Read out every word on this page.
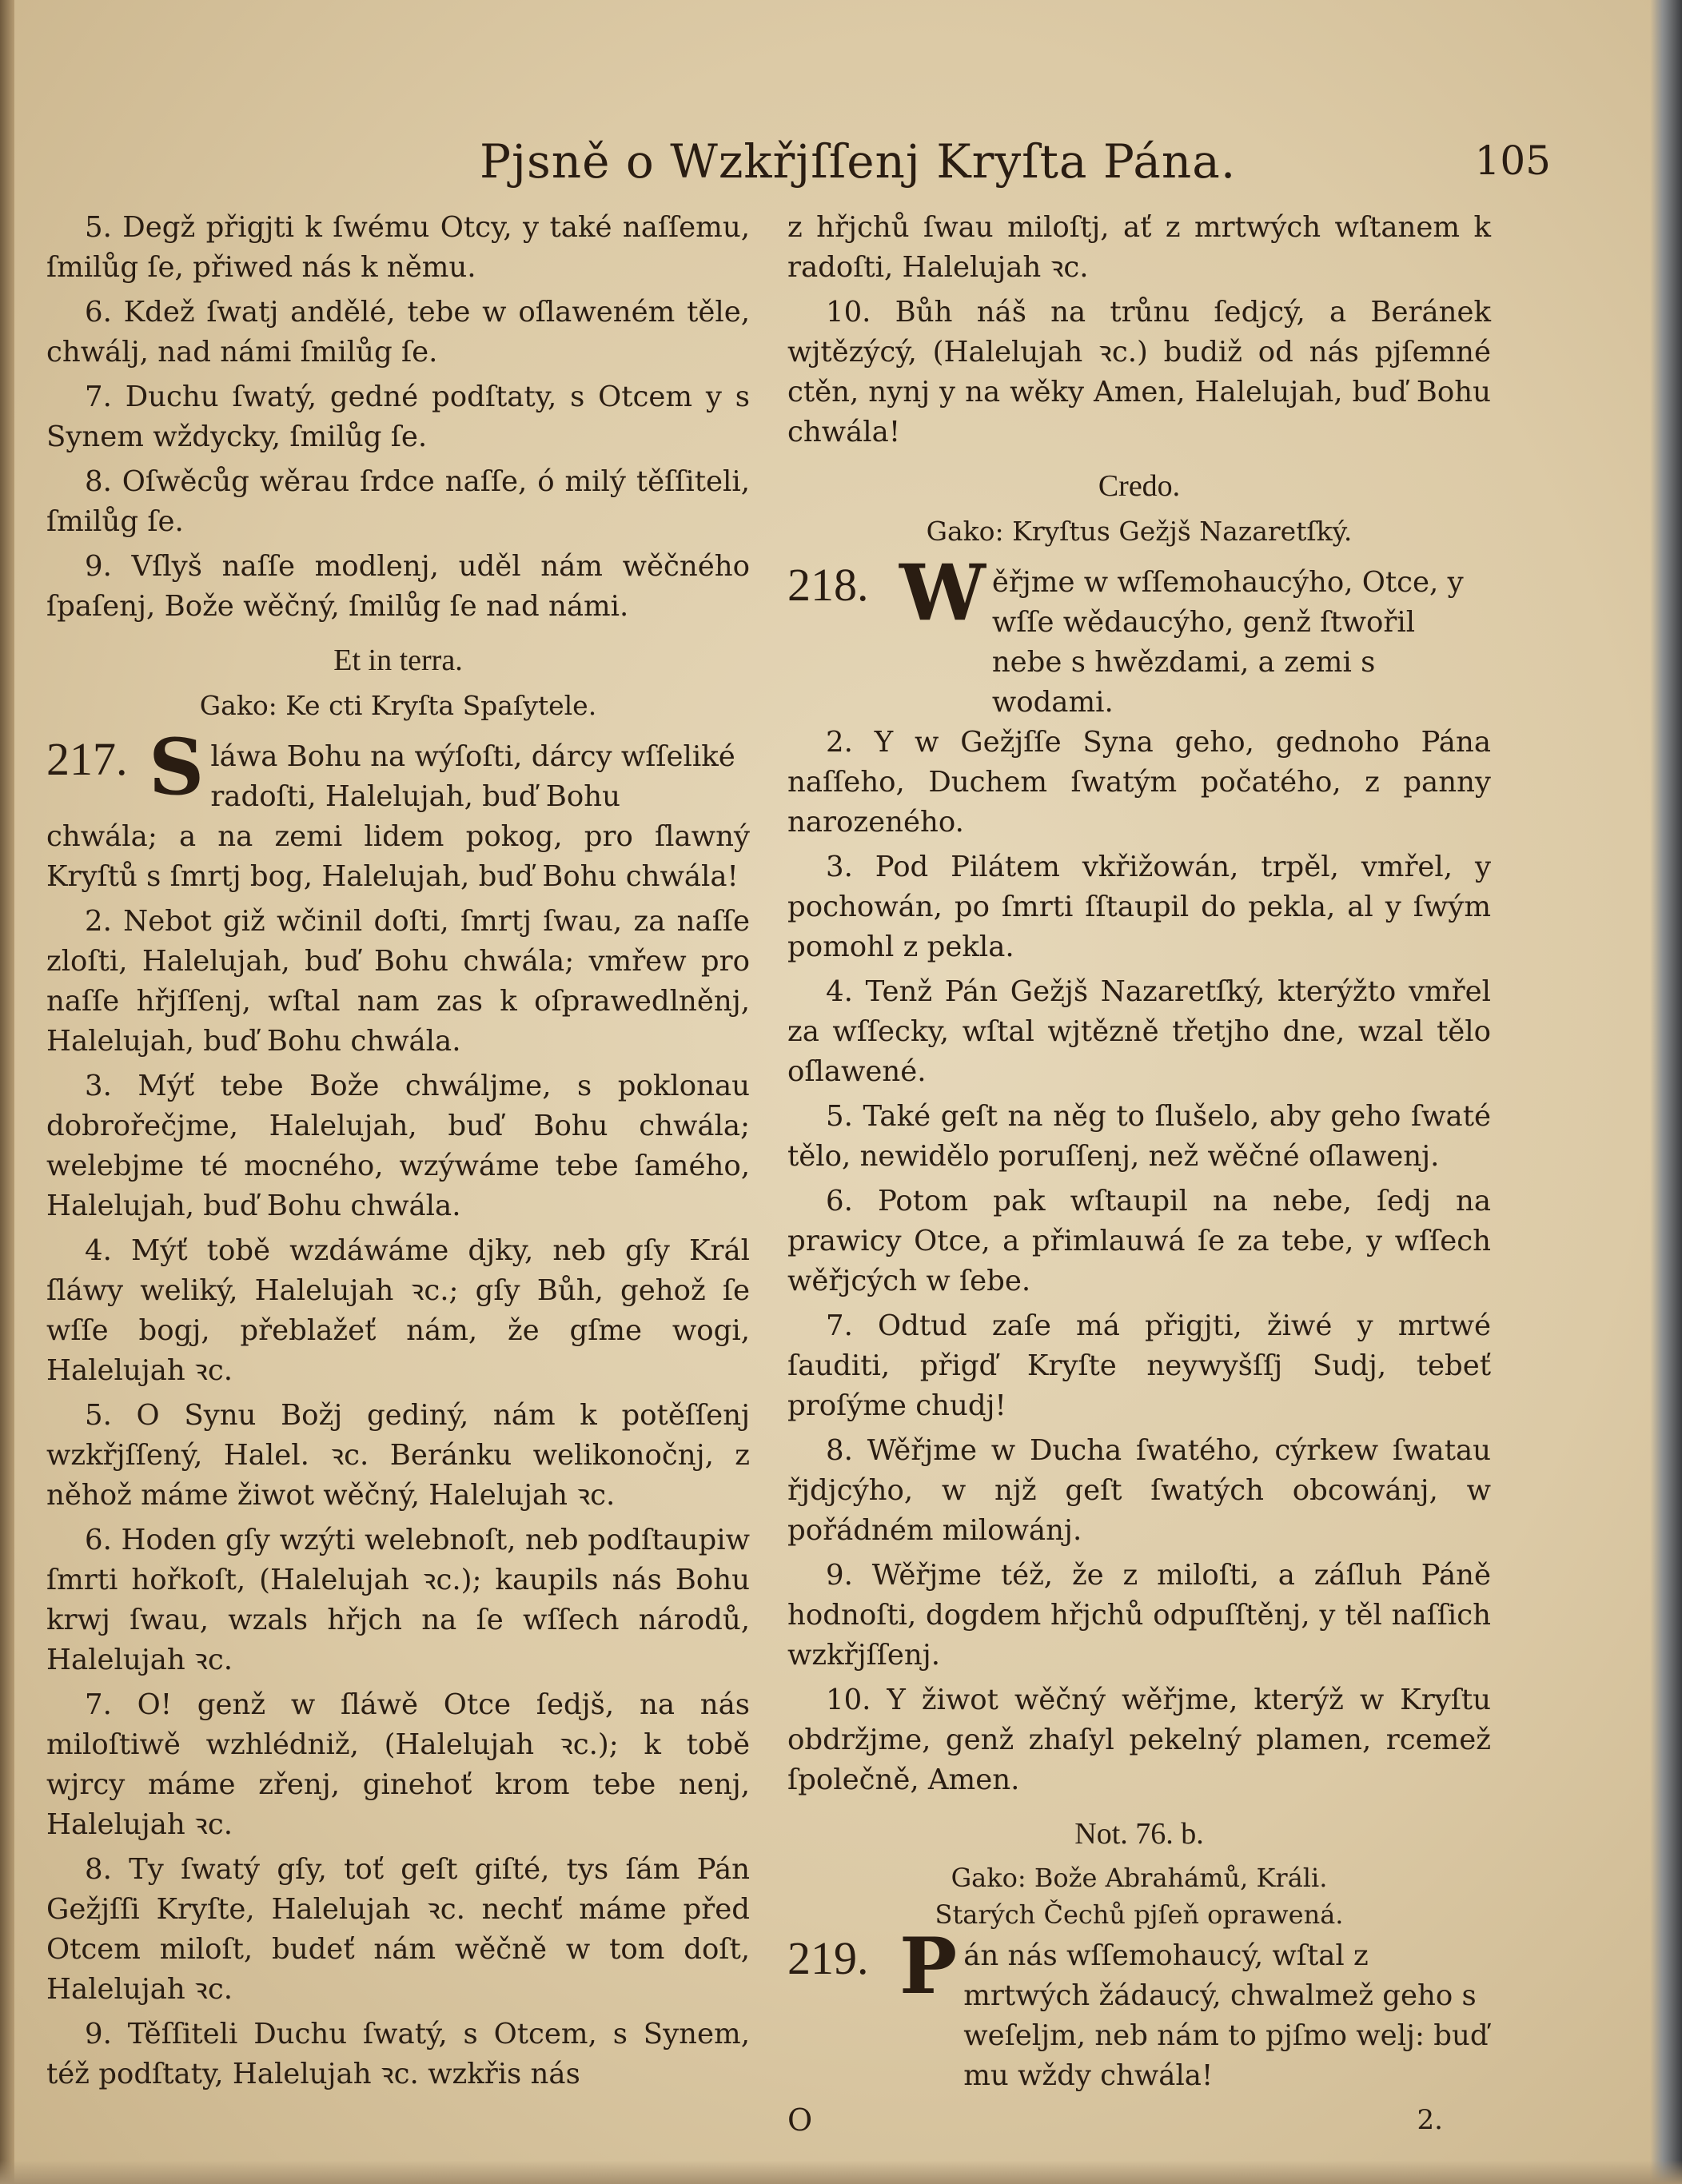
Pjsně o Wzkřjſſenj Kryſta Pána.	105

5. Degž přigjti k ſwému Otcy, y také naſſemu, ſmilůg ſe, přiwed nás k němu.

6. Kdež ſwatj andělé, tebe w oſlaweném těle, chwálj, nad námi ſmilůg ſe.

7. Duchu ſwatý, gedné podſtaty, s Otcem y s Synem wždycky, ſmilůg ſe.

8. Oſwěcůg wěrau ſrdce naſſe, ó milý těſſiteli, ſmilůg ſe.

9. Vſlyš naſſe modlenj, uděl nám wěčného ſpaſenj, Bože wěčný, ſmilůg ſe nad námi.

Et in terra.
Gako: Ke cti Kryſta Spaſytele.
217. S láwa Bohu na wýſoſti, dárcy wſſeliké radoſti, Halelujah, buď Bohu

chwála; a na zemi lidem pokog, pro ſlawný Kryſtů s ſmrtj bog, Halelujah, buď Bohu chwála!

2. Nebot giž wčinil doſti, ſmrtj ſwau, za naſſe zloſti, Halelujah, buď Bohu chwála; vmřew pro naſſe hřjſſenj, wſtal nam zas k oſprawedlněnj, Halelujah, buď Bohu chwála.

3. Mýť tebe Bože chwáljme, s poklonau dobrořečjme, Halelujah, buď Bohu chwála; welebjme té mocného, wzýwáme tebe ſamého, Halelujah, buď Bohu chwála.

4. Mýť tobě wzdáwáme djky, neb gſy Král ſláwy weliký, Halelujah ꝛc.; gſy Bůh, gehož ſe wſſe bogj, přeblažeť nám, že gſme wogi, Halelujah ꝛc.

5. O Synu Božj gediný, nám k potěſſenj wzkřjſſený, Halel. ꝛc. Beránku welikonočnj, z něhož máme žiwot wěčný, Halelujah ꝛc.

6. Hoden gſy wzýti welebnoſt, neb podſtaupiw ſmrti hořkoſt, (Halelujah ꝛc.); kaupils nás Bohu krwj ſwau, wzals hřjch na ſe wſſech národů, Halelujah ꝛc.

7. O! genž w ſláwě Otce ſedjš, na nás miloſtiwě wzhlédniž, (Halelujah ꝛc.); k tobě wjrcy máme zřenj, ginehoť krom tebe nenj, Halelujah ꝛc.

8. Ty ſwatý gſy, toť geſt giſté, tys ſám Pán Gežjſſi Kryſte, Halelujah ꝛc. nechť máme před Otcem miloſt, budeť nám wěčně w tom doſt, Halelujah ꝛc.

9. Těſſiteli Duchu ſwatý, s Otcem, s Synem, též podſtaty, Halelujah ꝛc. wzkřis nás

z hřjchů ſwau miloſtj, ať z mrtwých wſtanem k radoſti, Halelujah ꝛc.

10. Bůh náš na trůnu ſedjcý, a Beránek wjtězýcý, (Halelujah ꝛc.) budiž od nás pjſemné ctěn, nynj y na wěky Amen, Halelujah, buď Bohu chwála!

Credo.
Gako: Kryſtus Gežjš Nazaretſký.
218. W ěřjme w wſſemohaucýho, Otce, y wſſe wědaucýho, genž ſtwořil nebe s hwězdami, a zemi s wodami.

2. Y w Gežjſſe Syna geho, gednoho Pána naſſeho, Duchem ſwatým počatého, z panny narozeného.

3. Pod Pilátem vkřižowán, trpěl, vmřel, y pochowán, po ſmrti ſſtaupil do pekla, al y ſwým pomohl z pekla.

4. Tenž Pán Gežjš Nazaretſký, kterýžto vmřel za wſſecky, wſtal wjtězně třetjho dne, wzal tělo oſlawené.

5. Také geſt na něg to ſlušelo, aby geho ſwaté tělo, newidělo poruſſenj, než wěčné oſlawenj.

6. Potom pak wſtaupil na nebe, ſedj na prawicy Otce, a přimlauwá ſe za tebe, y wſſech wěřjcých w ſebe.

7. Odtud zaſe má přigjti, žiwé y mrtwé ſauditi, přigď Kryſte neywyšſſj Sudj, tebeť proſýme chudj!

8. Wěřjme w Ducha ſwatého, cýrkew ſwatau řjdjcýho, w njž geſt ſwatých obcowánj, w pořádném milowánj.

9. Wěřjme též, že z miloſti, a záſluh Páně hodnoſti, dogdem hřjchů odpuſſtěnj, y těl naſſich wzkřjſſenj.

10. Y žiwot wěčný wěřjme, kterýž w Kryſtu obdržjme, genž zhaſyl pekelný plamen, rcemež ſpolečně, Amen.

Not. 76. b.
Gako: Bože Abrahámů, Králi.
Starých Čechů pjſeň oprawená.
219. P án nás wſſemohaucý, wſtal z mrtwých žádaucý, chwalmež geho s weſeljm, neb nám to pjſmo welj: buď mu wždy chwála!
O	2.
